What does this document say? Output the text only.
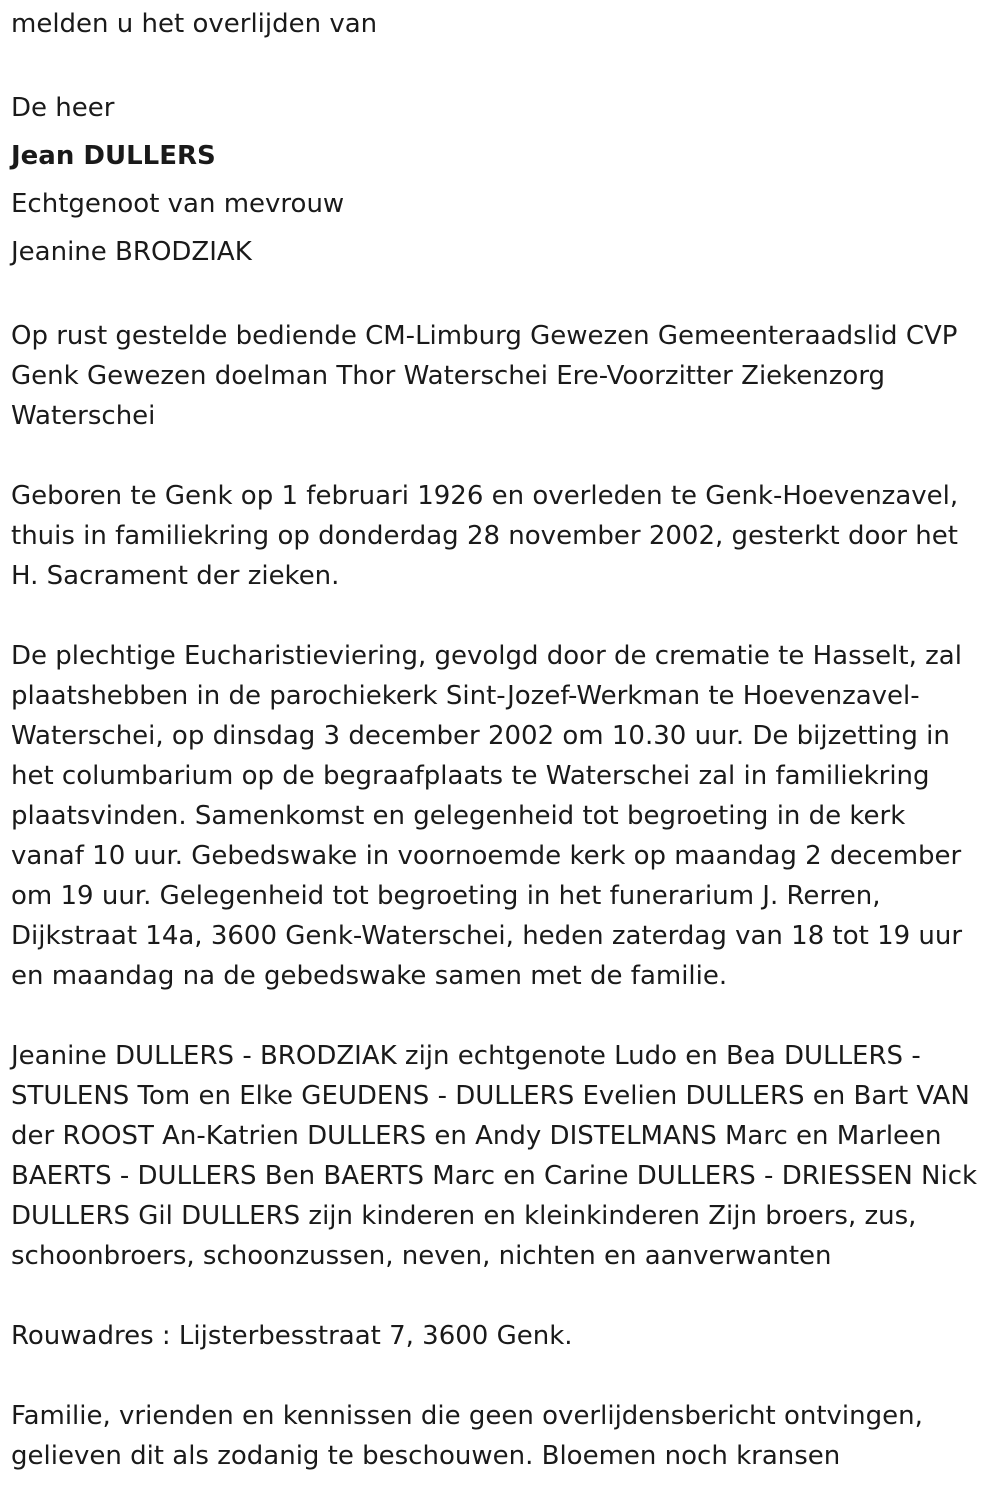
melden u het overlijden van

De heer

Jean DULLERS

Echtgenoot van mevrouw

Jeanine BRODZIAK

Op rust gestelde bediende CM-Limburg Gewezen Gemeenteraadslid CVP Genk Gewezen doelman Thor Waterschei Ere-Voorzitter Ziekenzorg Waterschei

Geboren te Genk op 1 februari 1926 en overleden te Genk-Hoevenzavel, thuis in familiekring op donderdag 28 november 2002, gesterkt door het H. Sacrament der zieken.

De plechtige Eucharistieviering, gevolgd door de crematie te Hasselt, zal plaatshebben in de parochiekerk Sint-Jozef-Werkman te Hoevenzavel-Waterschei, op dinsdag 3 december 2002 om 10.30 uur. De bijzetting in het columbarium op de begraafplaats te Waterschei zal in familiekring plaatsvinden. Samenkomst en gelegenheid tot begroeting in de kerk vanaf 10 uur. Gebedswake in voornoemde kerk op maandag 2 december om 19 uur. Gelegenheid tot begroeting in het funerarium J. Rerren, Dijkstraat 14a, 3600 Genk-Waterschei, heden zaterdag van 18 tot 19 uur en maandag na de gebedswake samen met de familie.

Jeanine DULLERS - BRODZIAK zijn echtgenote Ludo en Bea DULLERS - STULENS Tom en Elke GEUDENS - DULLERS Evelien DULLERS en Bart VAN der ROOST An-Katrien DULLERS en Andy DISTELMANS Marc en Marleen BAERTS - DULLERS Ben BAERTS Marc en Carine DULLERS - DRIESSEN Nick DULLERS Gil DULLERS zijn kinderen en kleinkinderen Zijn broers, zus, schoonbroers, schoonzussen, neven, nichten en aanverwanten

Rouwadres : Lijsterbesstraat 7, 3600 Genk.

Familie, vrienden en kennissen die geen overlijdensbericht ontvingen, gelieven dit als zodanig te beschouwen. Bloemen noch kransen
